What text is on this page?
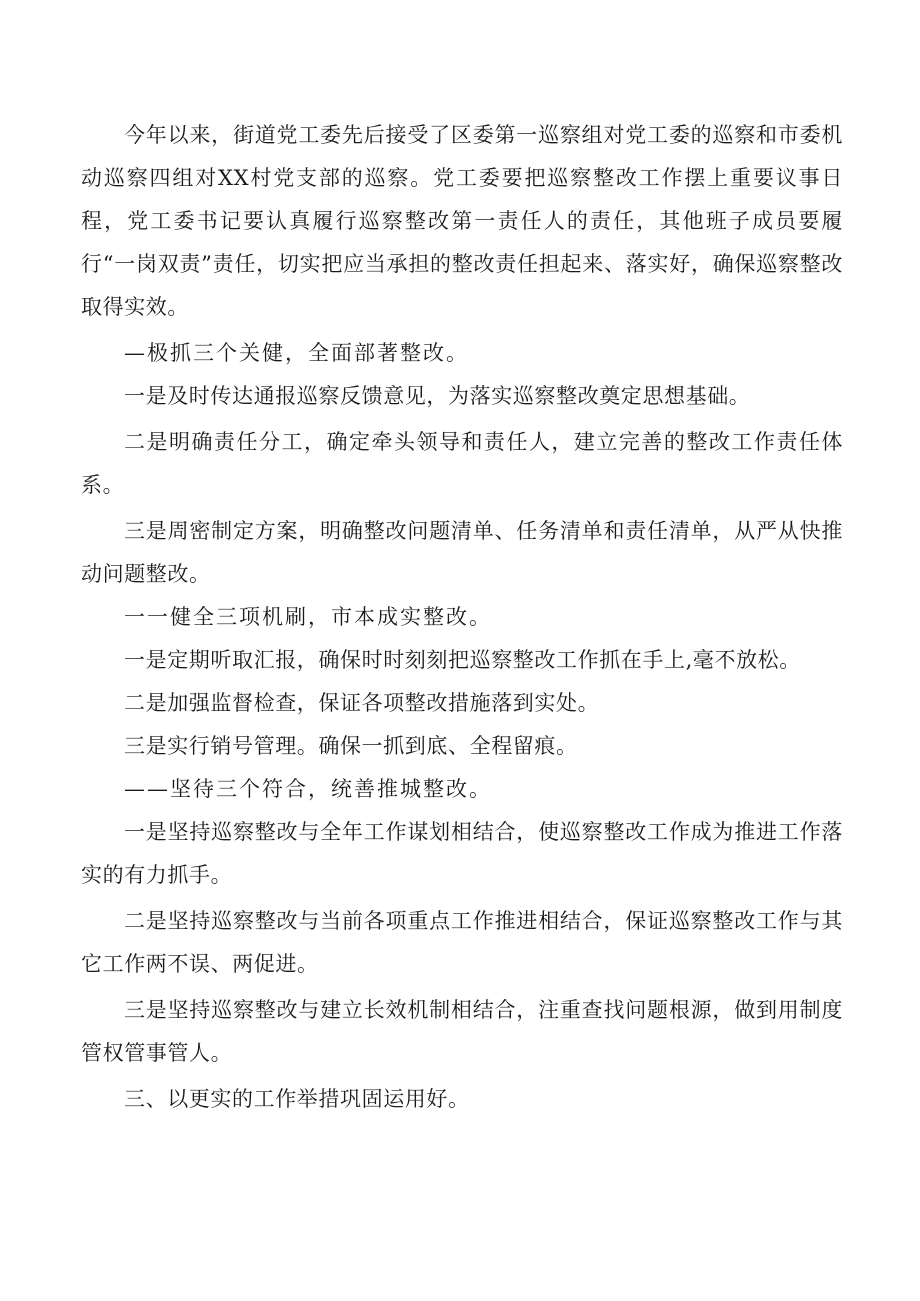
今年以来，街道党工委先后接受了区委第一巡察组对党工委的巡察和市委机动巡察四组对XX村党支部的巡察。党工委要把巡察整改工作摆上重要议事日程，党工委书记要认真履行巡察整改第一责任人的责任，其他班子成员要履行“一岗双责”责任，切实把应当承担的整改责任担起来、落实好，确保巡察整改取得实效。

—极抓三个关健，全面部著整改。

一是及时传达通报巡察反馈意见，为落实巡察整改奠定思想基础。

二是明确责任分工，确定牵头领导和责任人，建立完善的整改工作责任体系。

三是周密制定方案，明确整改问题清单、任务清单和责任清单，从严从快推动问题整改。

一一健全三项机刷，市本成实整改。

一是定期听取汇报，确保时时刻刻把巡察整改工作抓在手上,毫不放松。

二是加强监督检查，保证各项整改措施落到实处。

三是实行销号管理。确保一抓到底、全程留痕。

——坚待三个符合，统善推城整改。

一是坚持巡察整改与全年工作谋划相结合，使巡察整改工作成为推进工作落实的有力抓手。

二是坚持巡察整改与当前各项重点工作推进相结合，保证巡察整改工作与其它工作两不误、两促进。

三是坚持巡察整改与建立长效机制相结合，注重查找问题根源，做到用制度管权管事管人。

三、以更实的工作举措巩固运用好。
